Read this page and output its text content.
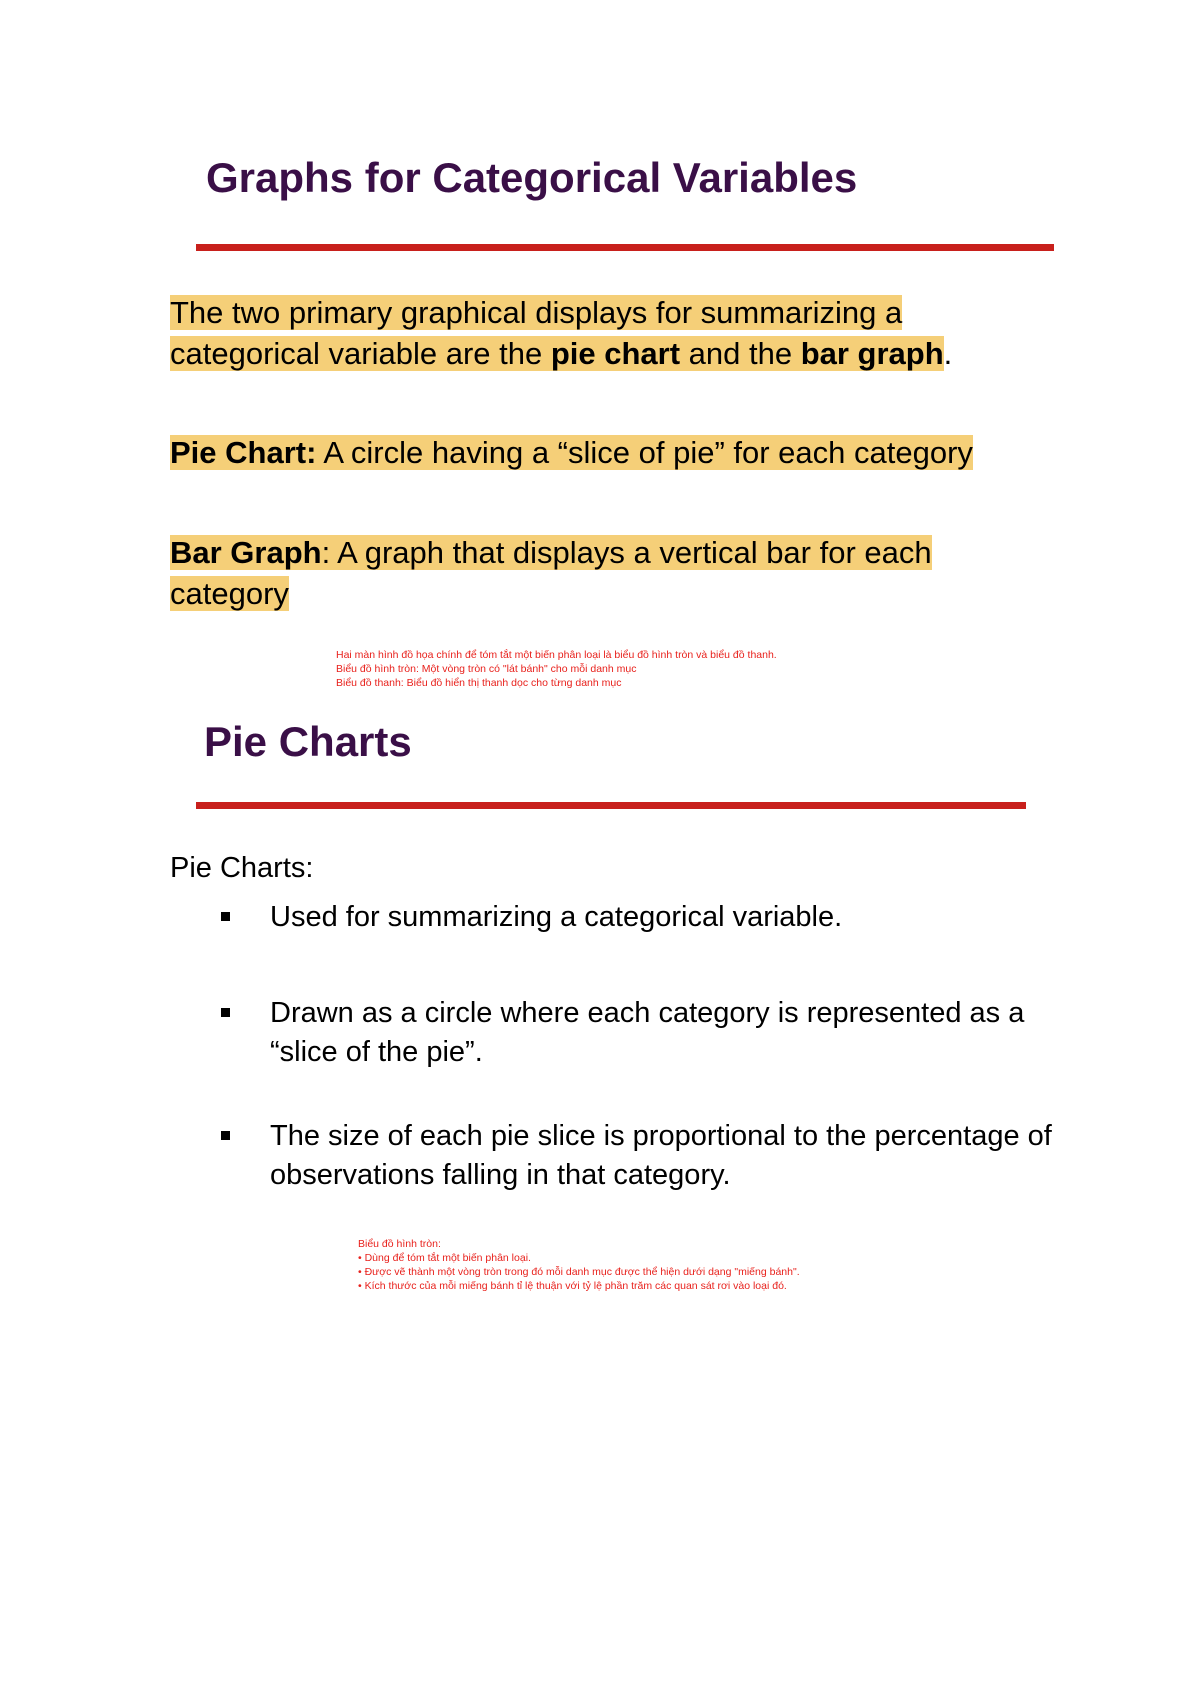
Graphs for Categorical Variables
The two primary graphical displays for summarizing a categorical variable are the pie chart and the bar graph.
Pie Chart: A circle having a “slice of pie” for each category
Bar Graph: A graph that displays a vertical bar for each category
Hai màn hình đồ họa chính để tóm tắt một biến phân loại là biểu đồ hình tròn và biểu đồ thanh.
Biểu đồ hình tròn: Một vòng tròn có "lát bánh" cho mỗi danh mục
Biểu đồ thanh: Biểu đồ hiển thị thanh dọc cho từng danh mục
Pie Charts
Pie Charts:
Used for summarizing a categorical variable.
Drawn as a circle where each category is represented as a “slice of the pie”.
The size of each pie slice is proportional to the percentage of observations falling in that category.
Biểu đồ hình tròn:
• Dùng để tóm tắt một biến phân loại.
• Được vẽ thành một vòng tròn trong đó mỗi danh mục được thể hiện dưới dạng "miếng bánh".
• Kích thước của mỗi miếng bánh tỉ lệ thuận với tỷ lệ phần trăm các quan sát rơi vào loại đó.
